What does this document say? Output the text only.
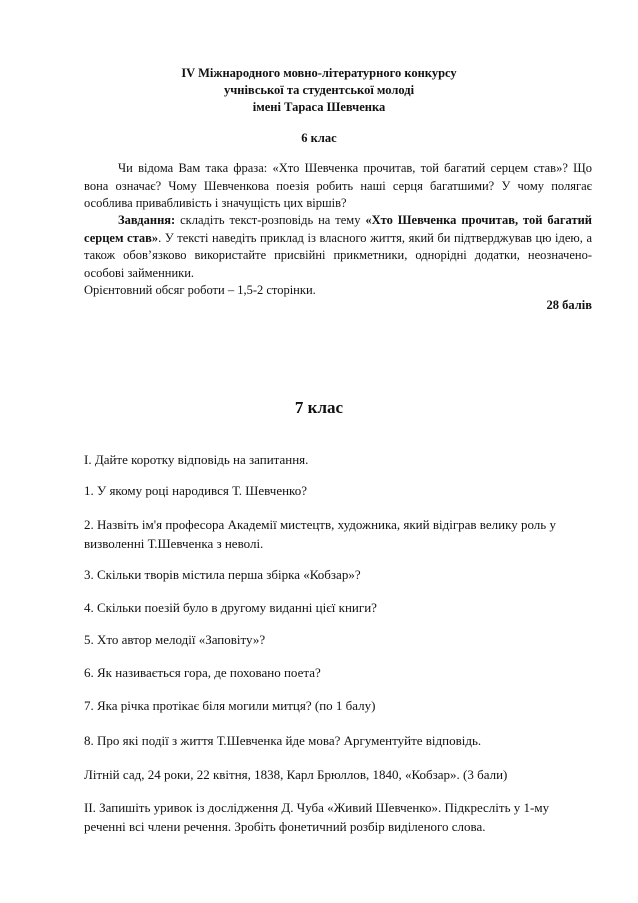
IV Міжнародного мовно-літературного конкурсу
учнівської та студентської молоді
імені Тараса Шевченка
6 клас
Чи відома Вам така фраза: «Хто Шевченка прочитав, той багатий серцем став»? Що вона означає? Чому Шевченкова поезія робить наші серця багатшими? У чому полягає особлива привабливість і значущість цих віршів?
Завдання: складіть текст-розповідь на тему «Хто Шевченка прочитав, той багатий серцем став». У тексті наведіть приклад із власного життя, який би підтверджував цю ідею, а також обов’язково використайте присвійні прикметники, однорідні додатки, неозначено-особові займенники.
Орієнтовний обсяг роботи – 1,5-2 сторінки.
28 балів
7 клас
І. Дайте коротку відповідь на запитання.
1. У якому році народився Т. Шевченко?
2. Назвіть ім'я професора Академії мистецтв, художника, який відіграв велику роль у визволенні Т.Шевченка з неволі.
3. Скільки творів містила перша збірка «Кобзар»?
4. Скільки поезій було в другому виданні цієї книги?
5. Хто автор мелодії «Заповіту»?
6. Як називається гора, де поховано поета?
7. Яка річка протікає біля могили митця? (по 1 балу)
8. Про які події з життя Т.Шевченка йде мова? Аргументуйте відповідь.
Літній сад, 24 роки, 22 квітня, 1838, Карл Брюллов, 1840, «Кобзар». (3 бали)
ІІ. Запишіть уривок із дослідження Д. Чуба «Живий Шевченко». Підкресліть у 1-му реченні всі члени речення. Зробіть фонетичний розбір виділеного слова.
